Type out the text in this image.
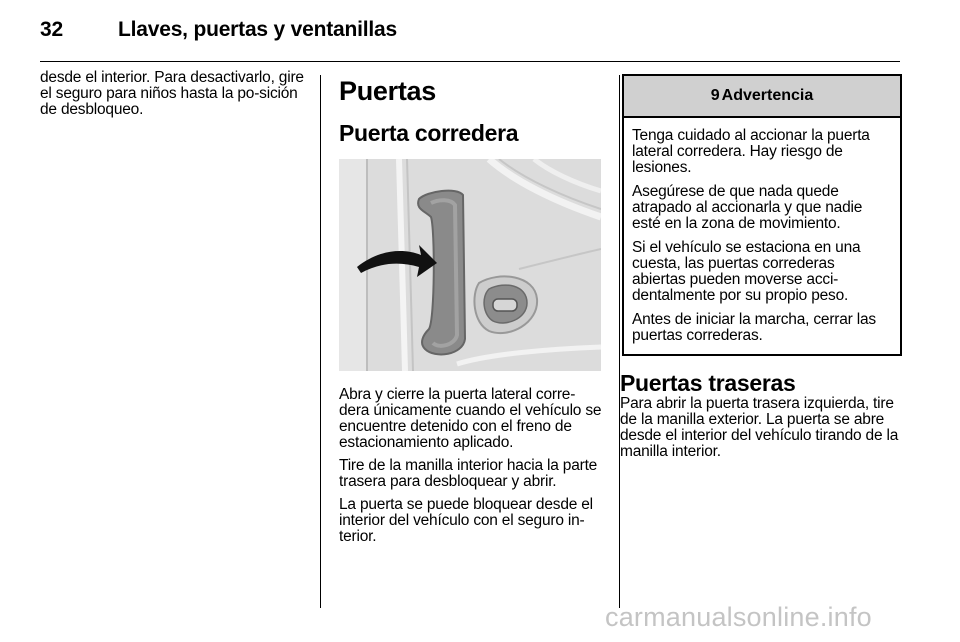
32	Llaves, puertas y ventanillas

desde el interior. Para desactivarlo, gire el seguro para niños hasta la po-sición de desbloqueo.

Puertas
Puerta corredera

Abra y cierre la puerta lateral corre-dera únicamente cuando el vehículo se encuentre detenido con el freno de estacionamiento aplicado.

Tire de la manilla interior hacia la parte trasera para desbloquear y abrir.

La puerta se puede bloquear desde el interior del vehículo con el seguro in-terior.

9 Advertencia

Tenga cuidado al accionar la puerta lateral corredera. Hay riesgo de lesiones.

Asegúrese de que nada quede atrapado al accionarla y que nadie esté en la zona de movimiento.

Si el vehículo se estaciona en una cuesta, las puertas correderas abiertas pueden moverse acci-dentalmente por su propio peso.

Antes de iniciar la marcha, cerrar las puertas correderas.

Puertas traseras

Para abrir la puerta trasera izquierda, tire de la manilla exterior. La puerta se abre desde el interior del vehículo tirando de la manilla interior.

carmanualsonline.info
